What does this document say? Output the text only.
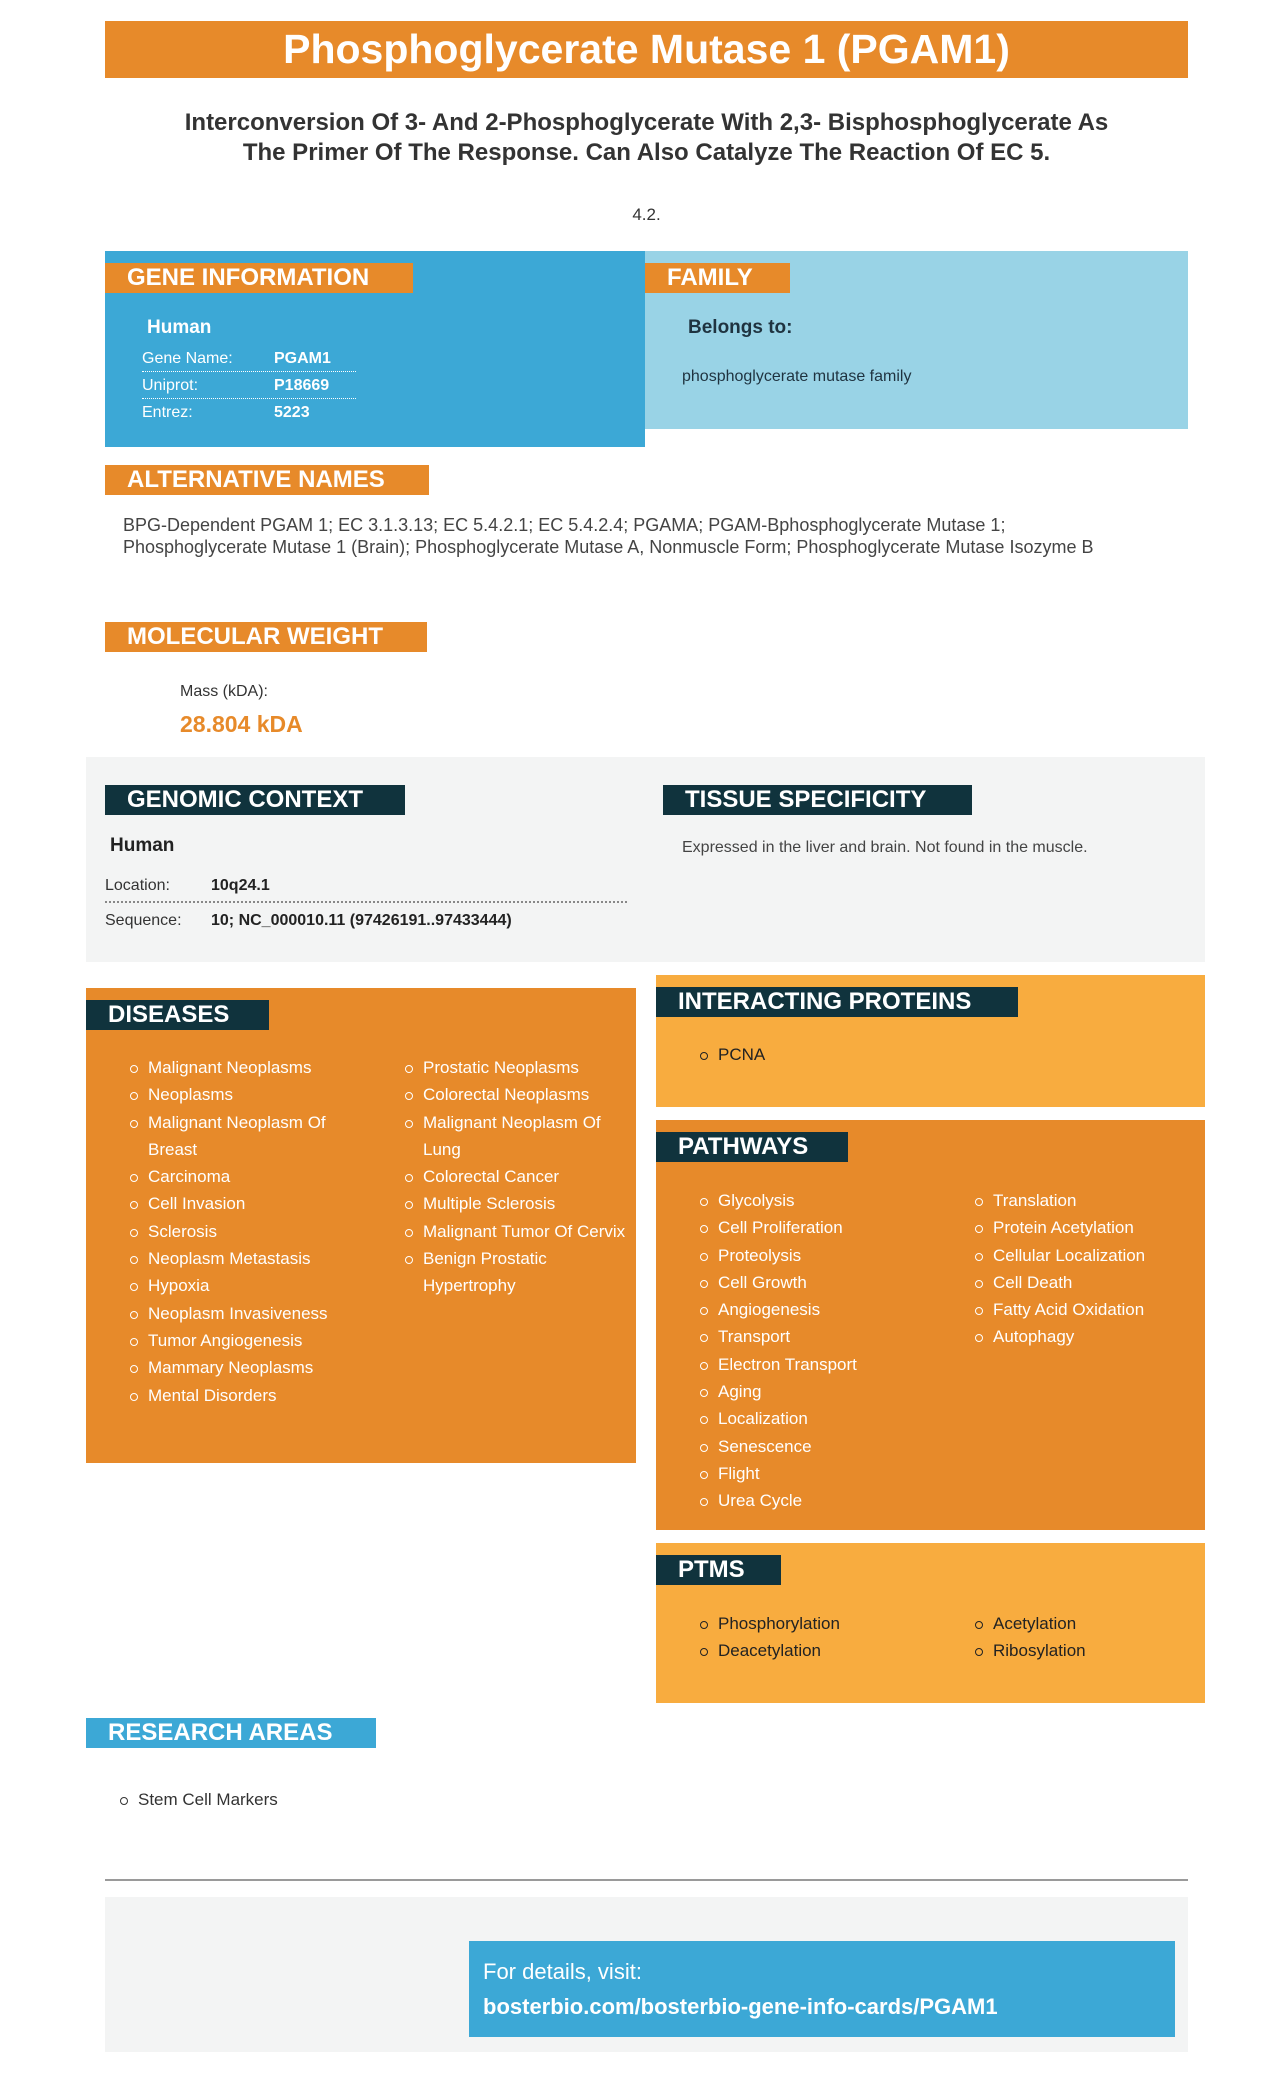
Phosphoglycerate Mutase 1 (PGAM1)
Interconversion Of 3- And 2-Phosphoglycerate With 2,3- Bisphosphoglycerate As
The Primer Of The Response. Can Also Catalyze The Reaction Of EC 5.
4.2.
GENE INFORMATION
Human
Gene Name:	PGAM1
Uniprot:	P18669
Entrez:	5223
FAMILY
Belongs to:
phosphoglycerate mutase family
ALTERNATIVE NAMES
BPG-Dependent PGAM 1; EC 3.1.3.13; EC 5.4.2.1; EC 5.4.2.4; PGAMA; PGAM-Bphosphoglycerate Mutase 1; Phosphoglycerate Mutase 1 (Brain); Phosphoglycerate Mutase A, Nonmuscle Form; Phosphoglycerate Mutase Isozyme B
MOLECULAR WEIGHT
Mass (kDA):
28.804 kDA
GENOMIC CONTEXT
Human
Location:	10q24.1
Sequence: 10; NC_000010.11 (97426191..97433444)
TISSUE SPECIFICITY
Expressed in the liver and brain. Not found in the muscle.
DISEASES
Malignant Neoplasms
Neoplasms
Malignant Neoplasm Of Breast
Carcinoma
Cell Invasion
Sclerosis
Neoplasm Metastasis
Hypoxia
Neoplasm Invasiveness
Tumor Angiogenesis
Mammary Neoplasms
Mental Disorders
Prostatic Neoplasms
Colorectal Neoplasms
Malignant Neoplasm Of Lung
Colorectal Cancer
Multiple Sclerosis
Malignant Tumor Of Cervix
Benign Prostatic Hypertrophy
INTERACTING PROTEINS
PCNA
PATHWAYS
Glycolysis
Cell Proliferation
Proteolysis
Cell Growth
Angiogenesis
Transport
Electron Transport
Aging
Localization
Senescence
Flight
Urea Cycle
Translation
Protein Acetylation
Cellular Localization
Cell Death
Fatty Acid Oxidation
Autophagy
PTMS
Phosphorylation
Deacetylation
Acetylation
Ribosylation
RESEARCH AREAS
Stem Cell Markers
For details, visit:
bosterbio.com/bosterbio-gene-info-cards/PGAM1
